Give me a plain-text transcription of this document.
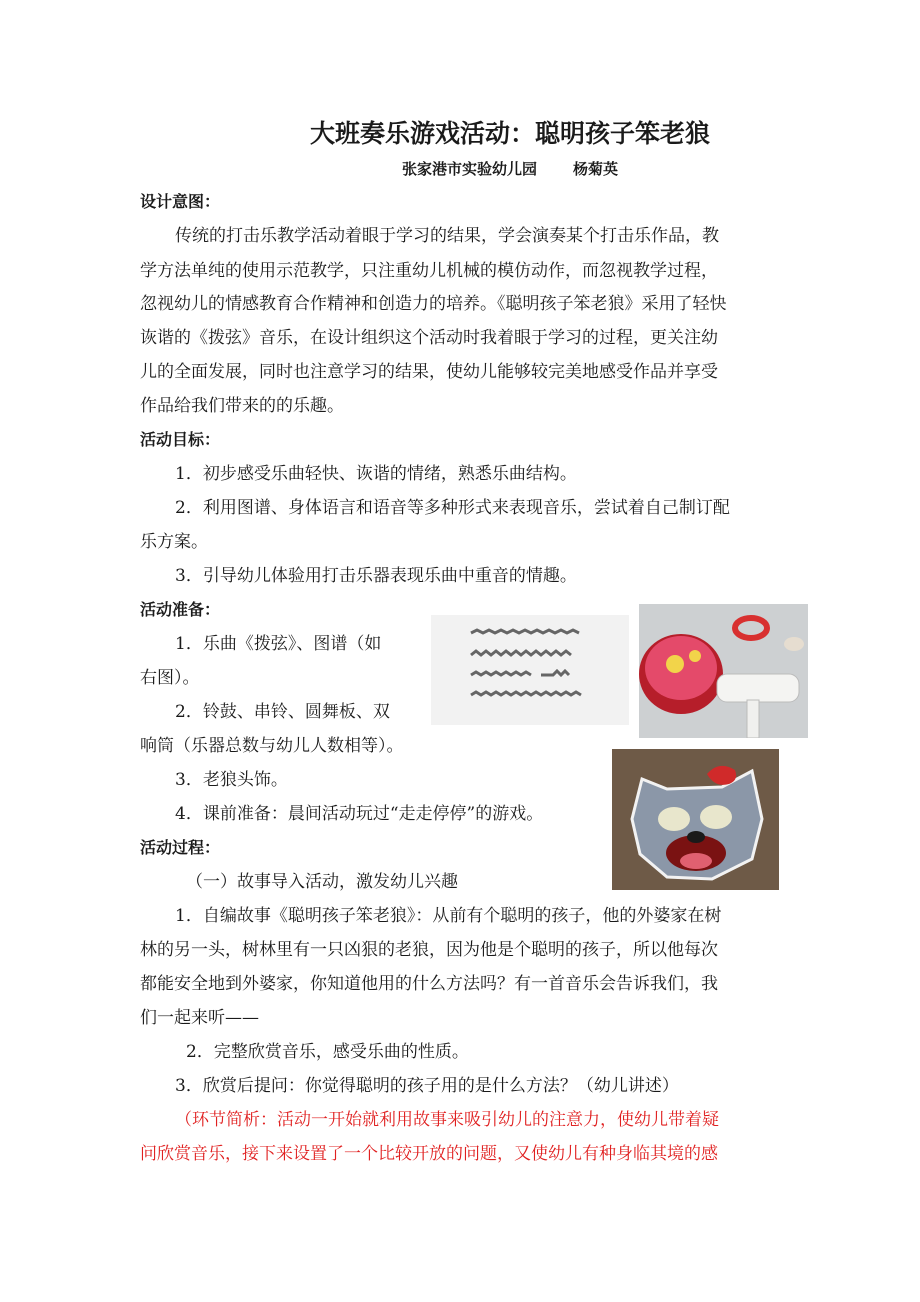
大班奏乐游戏活动：聪明孩子笨老狼
张家港市实验幼儿园 杨菊英
设计意图：
传统的打击乐教学活动着眼于学习的结果，学会演奏某个打击乐作品，教
学方法单纯的使用示范教学，只注重幼儿机械的模仿动作，而忽视教学过程，
忽视幼儿的情感教育合作精神和创造力的培养。《聪明孩子笨老狼》采用了轻快
诙谐的《拨弦》音乐，在设计组织这个活动时我着眼于学习的过程，更关注幼
儿的全面发展，同时也注意学习的结果，使幼儿能够较完美地感受作品并享受
作品给我们带来的的乐趣。
活动目标：
1．初步感受乐曲轻快、诙谐的情绪，熟悉乐曲结构。
2．利用图谱、身体语言和语音等多种形式来表现音乐，尝试着自己制订配
乐方案。
3．引导幼儿体验用打击乐器表现乐曲中重音的情趣。
活动准备：
1．乐曲《拨弦》、图谱（如
右图）。
2．铃鼓、串铃、圆舞板、双
响筒（乐器总数与幼儿人数相等）。
3．老狼头饰。
4．课前准备：晨间活动玩过“走走停停”的游戏。
活动过程：
（一）故事导入活动，激发幼儿兴趣
1．自编故事《聪明孩子笨老狼》：从前有个聪明的孩子，他的外婆家在树
林的另一头，树林里有一只凶狠的老狼，因为他是个聪明的孩子，所以他每次
都能安全地到外婆家，你知道他用的什么方法吗？有一首音乐会告诉我们，我
们一起来听——
2．完整欣赏音乐，感受乐曲的性质。
3．欣赏后提问：你觉得聪明的孩子用的是什么方法？（幼儿讲述）
（环节简析：活动一开始就利用故事来吸引幼儿的注意力，使幼儿带着疑
问欣赏音乐，接下来设置了一个比较开放的问题，又使幼儿有种身临其境的感
